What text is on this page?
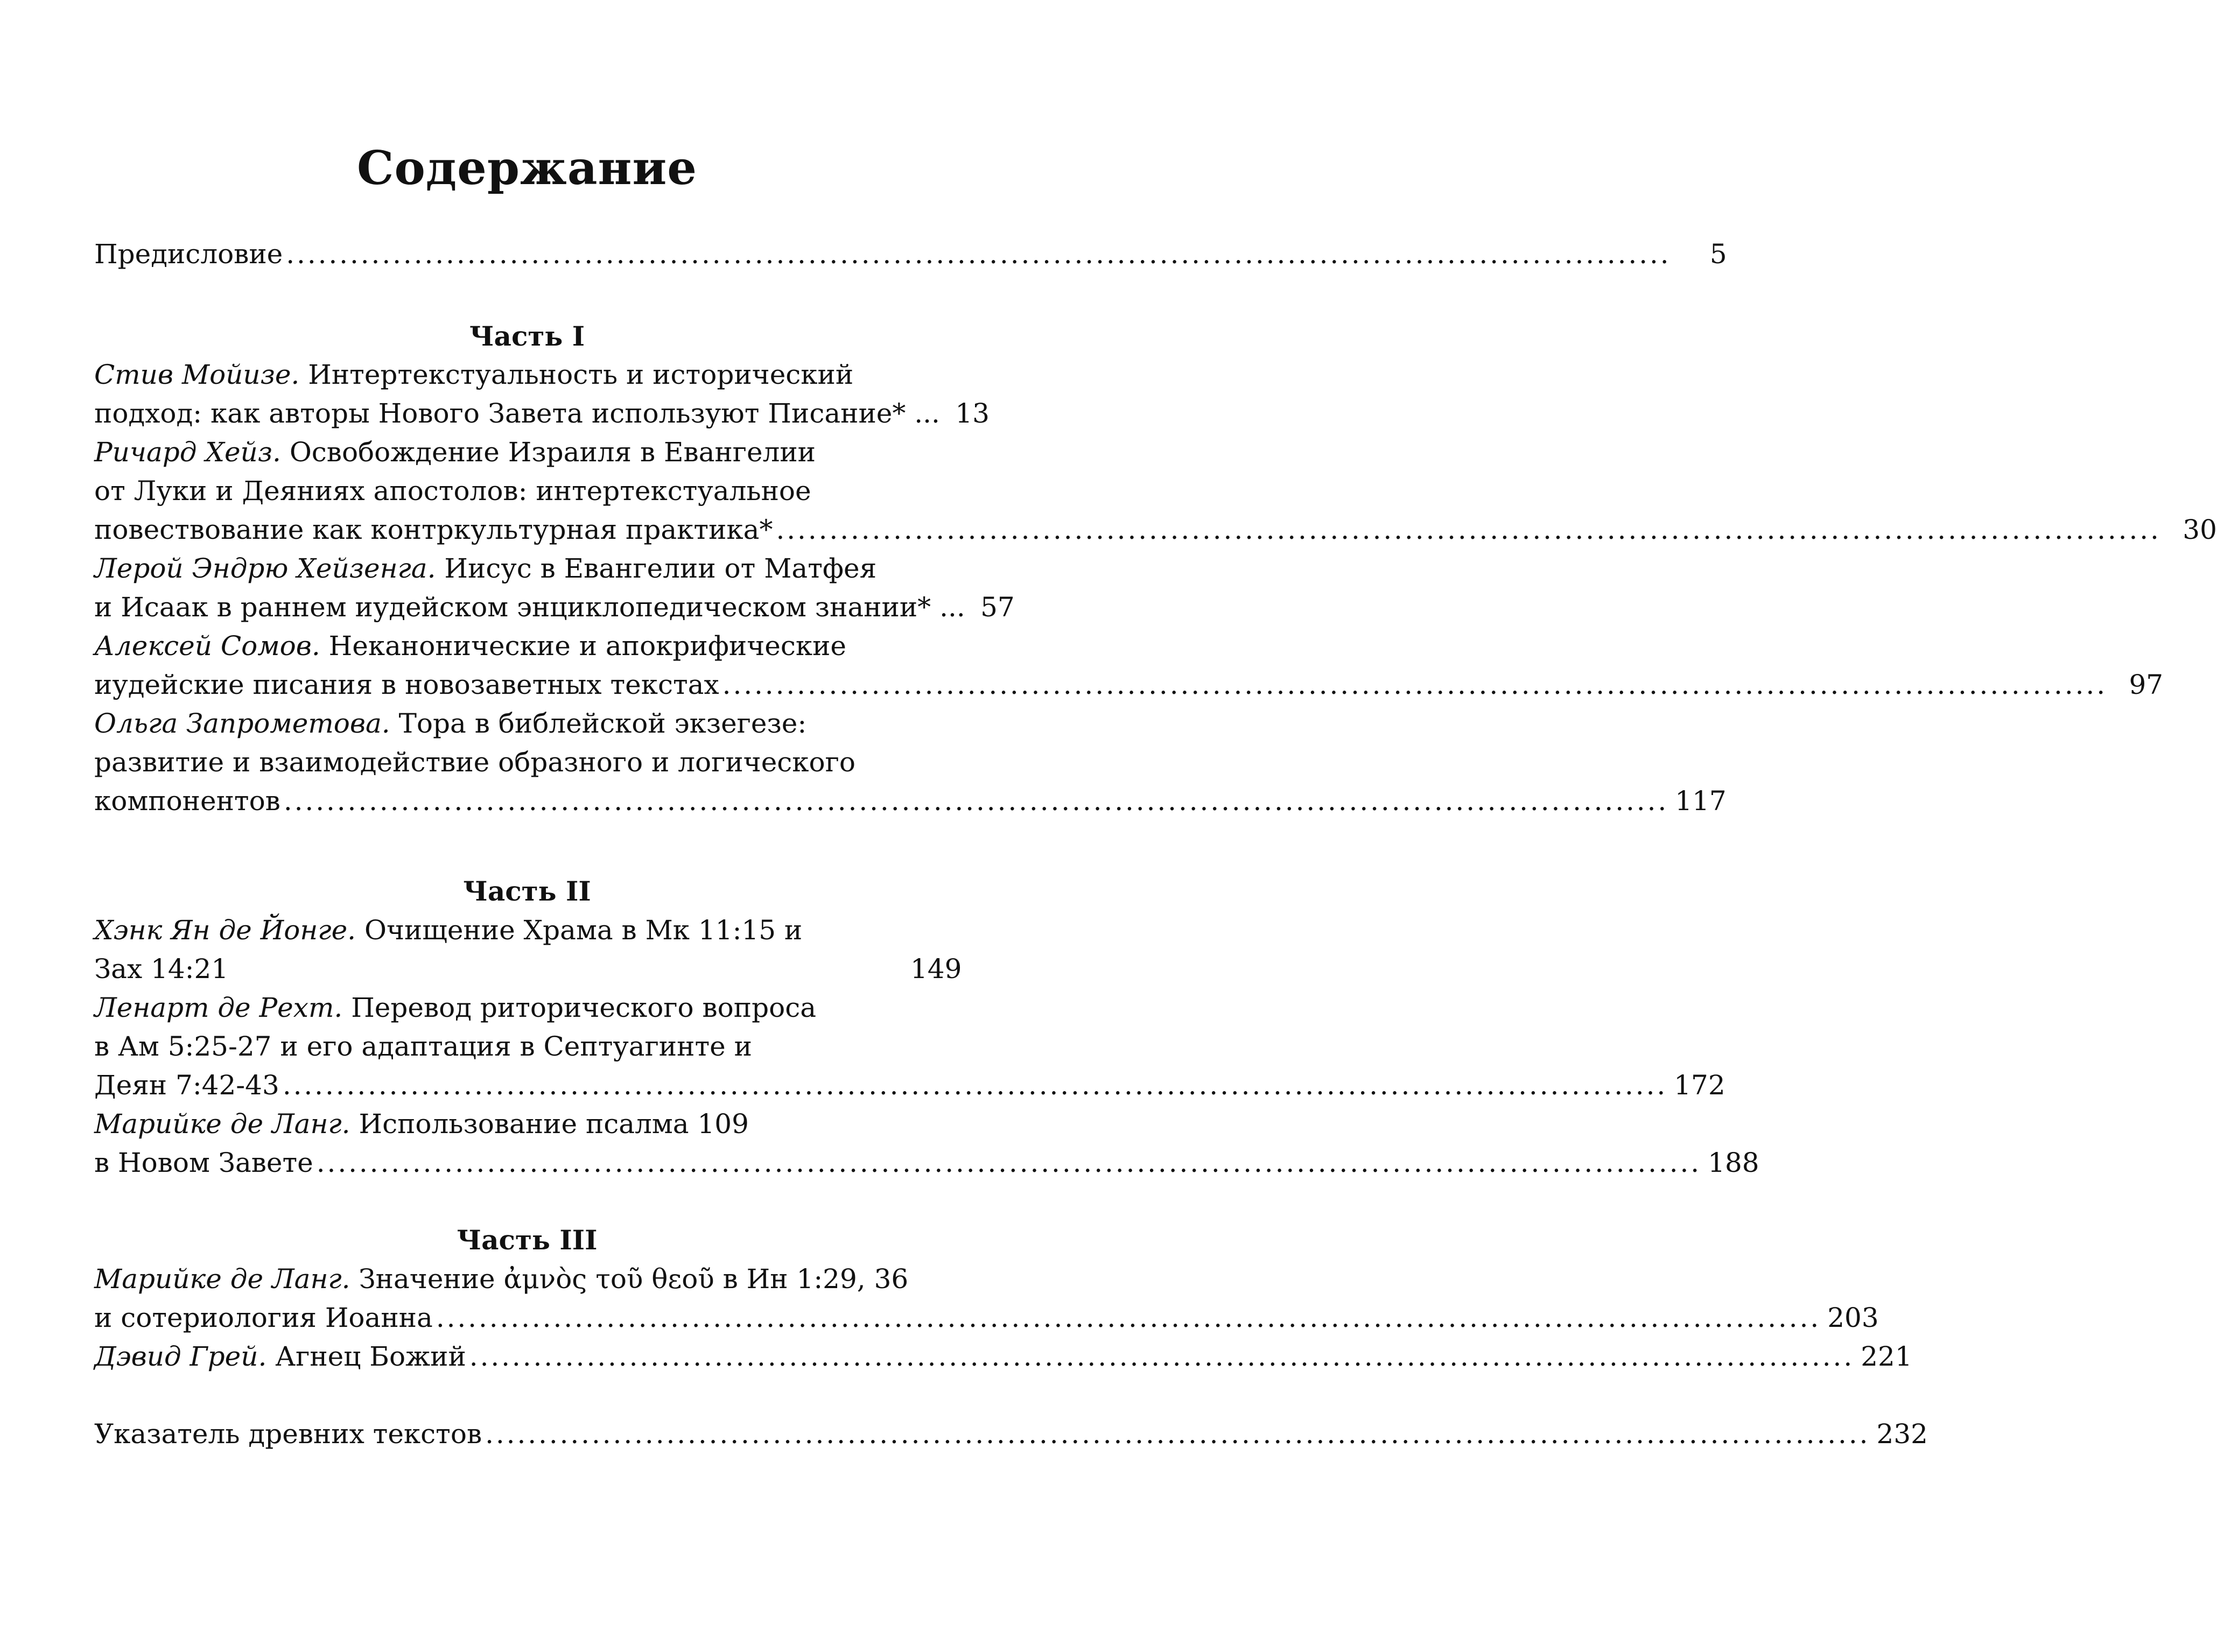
Содержание
Предисловие . . .	5
Часть I
Стив Мойизе. Интертекстуальность и исторический
подход: как авторы Нового Завета используют Писание* ... 13
Ричард Хейз. Освобождение Израиля в Евангелии
от Луки и Деяниях апостолов: интертекстуальное
повествование как контркультурная практика* . . .	30
Лерой Эндрю Хейзенга. Иисус в Евангелии от Матфея
и Исаак в раннем иудейском энциклопедическом знании* ... 57
Алексей Сомов. Неканонические и апокрифические
иудейские писания в новозаветных текстах . . .	97
Ольга Запрометова. Тора в библейской экзегезе:
развитие и взаимодействие образного и логического
компонентов . . .	117
Часть II
Хэнк Ян де Йонге. Очищение Храма в Мк 11:15 и
Зах 14:21	149
Ленарт де Рехт. Перевод риторического вопроса
в Ам 5:25-27 и его адаптация в Септуагинте и
Деян 7:42-43 . . .	172
Марийке де Ланг. Использование псалма 109
в Новом Завете . . .	188
Часть III
Марийке де Ланг. Значение ἀμνὸς τοῦ θεοῦ в Ин 1:29, 36
и сотериология Иоанна . . .	203
Дэвид Грей. Агнец Божий . . .	221
Указатель древних текстов . . .	232
